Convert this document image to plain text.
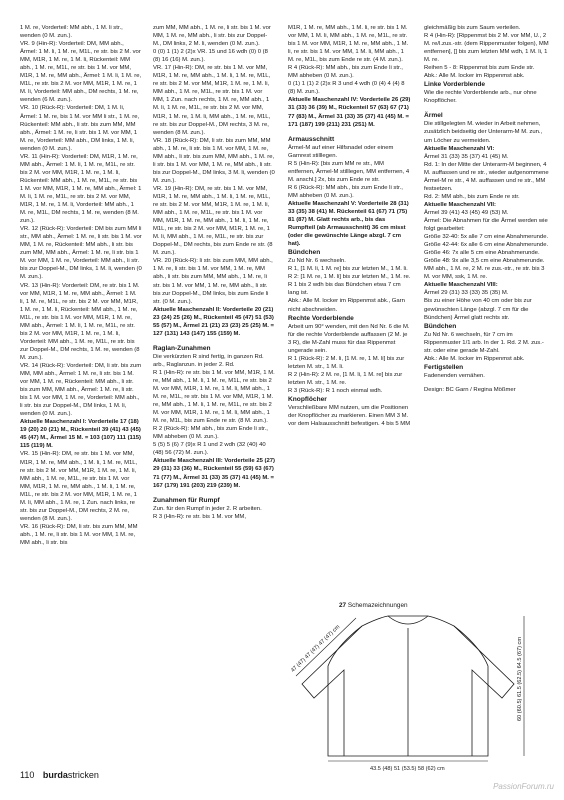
1 M. re, Vorderteil: MM abh., 1 M. li str., wenden (0 M. zun.).

VR. 9 (Hin-R): Vorderteil: DM, MM abh., Ärmel: 1 M. li, 1 M. re, M1L, re str. bis 2 M. vor MM, M1R, 1 M. re, 1 M. li, Rückenteil: MM abh., 1 M. re, M1L, re str. bis 1 M. vor MM, M1R, 1 M. re, MM abh., Ärmel: 1 M. li, 1 M. re, M1L, re str. bis 2 M. vor MM, M1R, 1 M. re, 1 M. li, Vorderteil: MM abh., DM rechts, 1 M. re, wenden (6 M. zun.).

VR. 10 (Rück-R): Vorderteil: DM, 1 M. li, Ärmel: 1 M. re, bis 1 M. vor MM li str., 1 M. re, Rückenteil: MM abh., li str. bis zum MM, MM abh., Ärmel: 1 M. re, li str. bis 1 M. vor MM, 1 M. re, Vorderteil: MM abh., DM links, 1 M. li, wenden (0 M. zun.).

VR. 11 (Hin-R): Vorderteil: DM, M1R, 1 M. re, MM abh., Ärmel: 1 M. li, 1 M. re, M1L, re str. bis 2 M. vor MM, M1R, 1 M. re, 1 M. li, Rückenteil: MM abh., 1 M. re, M1L, re str. bis 1 M. vor MM, M1R, 1 M. re, MM abh., Ärmel: 1 M. li, 1 M. re, M1L, re str. bis 2 M. vor MM, M1R, 1 M. re, 1 M. li, Vorderteil: MM abh., 1 M. re, M1L, DM rechts, 1 M. re, wenden (8 M. zun.).

VR. 12 (Rück-R): Vorderteil: DM bis zum MM li str., MM abh., Ärmel: 1 M. re, li str. bis 1 M. vor MM, 1 M. re, Rückenteil: MM abh., li str. bis zum MM, MM abh., Ärmel: 1 M. re, li str. bis 1 M. vor MM, 1 M. re, Vorderteil: MM abh., li str. bis zur Doppel-M., DM links, 1 M. li, wenden (0 M. zun.).

VR. 13 (Hin-R): Vorderteil: DM, re str. bis 1 M. vor MM, M1R, 1 M. re, MM abh., Ärmel: 1 M. li, 1 M. re, M1L, re str. bis 2 M. vor MM, M1R, 1 M. re, 1 M. li, Rückenteil: MM abh., 1 M. re, M1L, re str. bis 1 M. vor MM, M1R, 1 M. re, MM abh., Ärmel: 1 M. li, 1 M. re, M1L, re str. bis 2 M. vor MM, M1R, 1 M. re, 1 M. li, Vorderteil: MM abh., 1 M. re, M1L, re str. bis zur Doppel-M., DM rechts, 1 M. re, wenden (8 M. zun.).

VR. 14 (Rück-R): Vorderteil: DM, li str. bis zum MM, MM abh., Ärmel: 1 M. re, li str. bis 1 M. vor MM, 1 M. re, Rückenteil: MM abh., li str. bis zum MM, MM abh., Ärmel: 1 M. re, li str. bis 1 M. vor MM, 1 M. re, Vorderteil: MM abh., li str. bis zur Doppel-M., DM links, 1 M. li, wenden (0 M. zun.).

Aktuelle Maschenzahl I: Vorderteile 17 (18) 19 (20) 20 (21) M., Rückenteil 39 (41) 43 (45) 45 (47) M., Ärmel 15 M. = 103 (107) 111 (115) 115 (119) M.

VR. 15 (Hin-R): DM, re str. bis 1 M. vor MM, M1R, 1 M. re, MM abh., 1 M. li, 1 M. re, M1L, re str. bis 2 M. vor MM, M1R, 1 M. re, 1 M. li, MM abh., 1 M. re, M1L, re str. bis 1 M. vor MM, M1R, 1 M. re, MM abh., 1 M. li, 1 M. re, M1L, re str. bis 2 M. vor MM, M1R, 1 M. re, 1 M. li, MM abh., 1 M. re, 1 Zun. nach links, re str. bis zur Doppel-M., DM rechts, 2 M. re, wenden (8 M. zun.).

VR. 16 (Rück-R): DM, li str. bis zum MM, MM abh., 1 M. re, li str. bis 1 M. vor MM, 1 M. re, MM abh., li str. bis

zum MM, MM abh., 1 M. re, li str. bis 1 M. vor MM, 1 M. re, MM abh., li str. bis zur Doppel-M., DM links, 2 M. li, wenden (0 M. zun.).

0 (0) 1 (1) 2 (2)x VR. 15 und 16 wdh (0) 0 (8 (8) 16 (16) M. zun.).

VR. 17 (Hin-R): DM, re str. bis 1 M. vor MM, M1R, 1 M. re, MM abh., 1 M. li, 1 M. re, M1L, re str. bis 2 M. vor MM, M1R, 1 M. re, 1 M. li, MM abh., 1 M. re, M1L, re str. bis 1 M. vor MM, 1 Zun. nach rechts, 1 M. re, MM abh., 1 M. li, 1 M. re, M1L, re str. bis 2 M. vor MM, M1R, 1 M. re, 1 M. li, MM abh., 1 M. re, M1L, re str. bis zur Doppel-M., DM rechts, 3 M. re, wenden (8 M. zun.).

VR. 18 (Rück-R): DM, li str. bis zum MM, MM abh., 1 M. re, li str. bis 1 M. vor MM, 1 M. re, MM abh., li str. bis zum MM, MM abh., 1 M. re, li str. bis 1 M. vor MM, 1 M. re, MM abh., li str. bis zur Doppel-M., DM links, 3 M. li, wenden (0 M. zun.).

VR. 19 (Hin-R): DM, re str. bis 1 M. vor MM, M1R, 1 M. re, MM abh., 1 M. li, 1 M. re, M1L, re str. bis 2 M. vor MM, M1R, 1 M. re, 1 M. li, MM abh., 1 M. re, M1L, re str. bis 1 M. vor MM, M1R, 1 M. re, MM abh., 1 M. li, 1 M. re, M1L, re str. bis 2 M. vor MM, M1R, 1 M. re, 1 M. li, MM abh., 1 M. re, M1L, re str. bis zur Doppel-M., DM rechts, bis zum Ende re str. (8 M. zun.).

VR. 20 (Rück-R): li str. bis zum MM, MM abh., 1 M. re, li str. bis 1 M. vor MM, 1 M. re, MM abh., li str. bis zum MM, MM abh., 1 M. re, li str. bis 1 M. vor MM, 1 M. re, MM abh., li str. bis zur Doppel-M., DM links, bis zum Ende li str. (0 M. zun.).

Aktuelle Maschenzahl II: Vorderteile 20 (21) 23 (24) 25 (26) M., Rückenteil 45 (47) 51 (53) 55 (57) M., Ärmel 21 (21) 23 (23) 25 (25) M. = 127 (131) 143 (147) 155 (159) M.

Raglan-Zunahmen

Die verkürzten R sind fertig, in ganzen Rd. arb., Raglanzun. in jeder 2. Rd.

R 1 (Hin-R): re str. bis 1 M. vor MM, M1R, 1 M. re, MM abh., 1 M. li, 1 M. re, M1L, re str. bis 2 M. vor MM, M1R, 1 M. re, 1 M. li, MM abh., 1 M. re, M1L, re str. bis 1 M. vor MM, M1R, 1 M. re, MM abh., 1 M. li, 1 M. re, M1L, re str. bis 2 M. vor MM, M1R, 1 M. re, 1 M. li, MM abh., 1 M. re, M1L, bis zum Ende re str. (8 M. zun.).

R 2 (Rück-R): MM abh., bis zum Ende li str., MM abheben (0 M. zun.).

5 (5) 5 (6) 7 (9)x R 1 und 2 wdh (32 (40) 40 (48) 56 (72) M. zun.).

Aktuelle Maschenzahl III: Vorderteile 25 (27) 29 (31) 33 (36) M., Rückenteil 55 (59) 63 (67) 71 (77) M., Ärmel 31 (33) 35 (37) 41 (45) M. = 167 (179) 191 (203) 219 (239) M.

Zunahmen für Rumpf

Zun. für den Rumpf in jeder 2. R arbeiten.

R 3 (Hin-R): re str. bis 1 M. vor MM,

M1R, 1 M. re, MM abh., 1 M. li, re str. bis 1 M. vor MM, 1 M. li, MM abh., 1 M. re, M1L, re str. bis 1 M. vor MM, M1R, 1 M. re, MM abh., 1 M. li, re str. bis 1 M. vor MM, 1 M. li, MM abh., 1 M. re, M1L, bis zum Ende re str. (4 M. zun.).

R 4 (Rück-R): MM abh., bis zum Ende li str., MM abheben (0 M. zun.).

0 (1) 1 (1) 2 (2)x R 3 und 4 wdh (0 (4) 4 (4) 8 (8) M. zun.).

Aktuelle Maschenzahl IV: Vorderteile 26 (29) 31 (33) 36 (39) M., Rückenteil 57 (63) 67 (71) 77 (83) M., Ärmel 31 (33) 35 (37) 41 (45) M. = 171 (187) 199 (211) 231 (251) M.

Armausschnitt

Ärmel-M auf einer Hilfsnadel oder einem Garnrest stilllegen.

R 5 (Hin-R): [bis zum MM re str., MM entfernen, Ärmel-M stilllegen, MM entfernen, 4 M. anschl.] 2x, bis zum Ende re str.

R 6 (Rück-R): MM abh., bis zum Ende li str., MM abheben (0 M. zun.).

Aktuelle Maschenzahl V: Vorderteile 28 (31) 33 (35) 38 (41) M. Rückenteil 61 (67) 71 (75) 81 (87) M. Glatt rechts arb., bis das Rumpfteil (ab Armausschnitt) 36 cm misst (oder die gewünschte Länge abzgl. 7 cm hat).

Bündchen

Zu Nd Nr. 6 wechseln.

R 1, [1 M. li, 1 M. re] bis zur letzten M., 1 M. li.

R 2: [1 M. re, 1 M. li] bis zur letzten M., 1 M. re.

R 1 bis 2 wdh bis das Bündchen etwa 7 cm lang ist.

Abk.: Alle M. locker im Rippenmst abk., Garn nicht abschneiden.

Rechte Vorderblende

Arbeit um 90° wenden, mit den Nd Nr. 6 die M. für die rechte Vorderblende auffassen (2 M. je 3 R), die M-Zahl muss für das Rippenmst ungerade sein.

R 1 (Rück-R): 2 M. li, [1 M. re, 1 M. li] bis zur letzten M. str., 1 M. li.

R 2 (Hin-R): 2 M. re, [1 M. li, 1 M. re] bis zur letzten M. str., 1 M. re.

R 3 (Rück-R): R 1 noch einmal wdh.

Knopflöcher

Verschließbare MM nutzen, um die Positionen der Knopflöcher zu markieren. Einen MM 3 M. vor dem Halsausschnitt befestigen. 4 bis 5 MM

gleichmäßig bis zum Saum verteilen.

R 4 (Hin-R): [Rippenmst bis 2 M. vor MM, U., 2 M. re/l.zus.-str. (dem Rippenmuster folgen), MM entfernen], [] bis zum letzten MM wdh, 1 M. li, 1 M. re.

Reihen 5 - 8: Rippenmst bis zum Ende str.

Abk.: Alle M. locker im Rippenmst abk.

Linke Vorderblende

Wie die rechte Vorderblende arb., nur ohne Knopflöcher.

Ärmel

Die stillgelegten M. wieder in Arbeit nehmen, zusätzlich beidseitig der Unterarm-M M. zun., um Löcher zu vermeiden.

Aktuelle Maschenzahl VI:

Ärmel 31 (33) 35 (37) 41 (45) M.

Rd. 1: In der Mitte der Unterarm-M beginnen, 4 M. auffassen und re str., wieder aufgenommene Ärmel-M re str., 4 M. auffassen und re str., MM festsetzen.

Rd. 2: MM abh., bis zum Ende re str.

Aktuelle Maschenzahl VII:

Ärmel 39 (41) 43 (45) 49 (53) M.

Ärmel: Die Abnahmen für die Ärmel werden wie folgt gearbeitet:

Größe 32-40: 5x alle 7 cm eine Abnahmerunde.

Größe 42-44: 6x alle 6 cm eine Abnahmerunde.

Größe 46: 7x alle 5 cm eine Abnahmerunde.

Größe 48: 9x alle 3,5 cm eine Abnahmerunde.

MM abh., 1 M. re, 2 M. re zus.-str., re str. bis 3 M. vor MM, ssk, 1 M. re.

Aktuelle Maschenzahl VIII:

Ärmel 29 (31) 33 (33) 35 (35) M.

Bis zu einer Höhe von 40 cm oder bis zur gewünschten Länge (abzgl. 7 cm für die Bündchen) Ärmel glatt rechts str.

Bündchen

Zu Nd Nr. 6 wechseln, für 7 cm im Rippenmuster 1/1 arb. In der 1. Rd. 2 M. zus.-str. oder eine gerade M-Zahl.

Abk.: Alle M. locker im Rippenmst abk.

Fertigstellen

Fadenenden vernähen.

Design: BC Garn / Regina Mößmer

27 Schemazeichnungen
43.5 (48) 51 (53.5) 58 (62) cm
60 (60.5) 61.5 (62.5) 64.5 (67) cm
47 (47) 47 (47) 47 (47) cm
110 burdastricken
PassionForum.ru
